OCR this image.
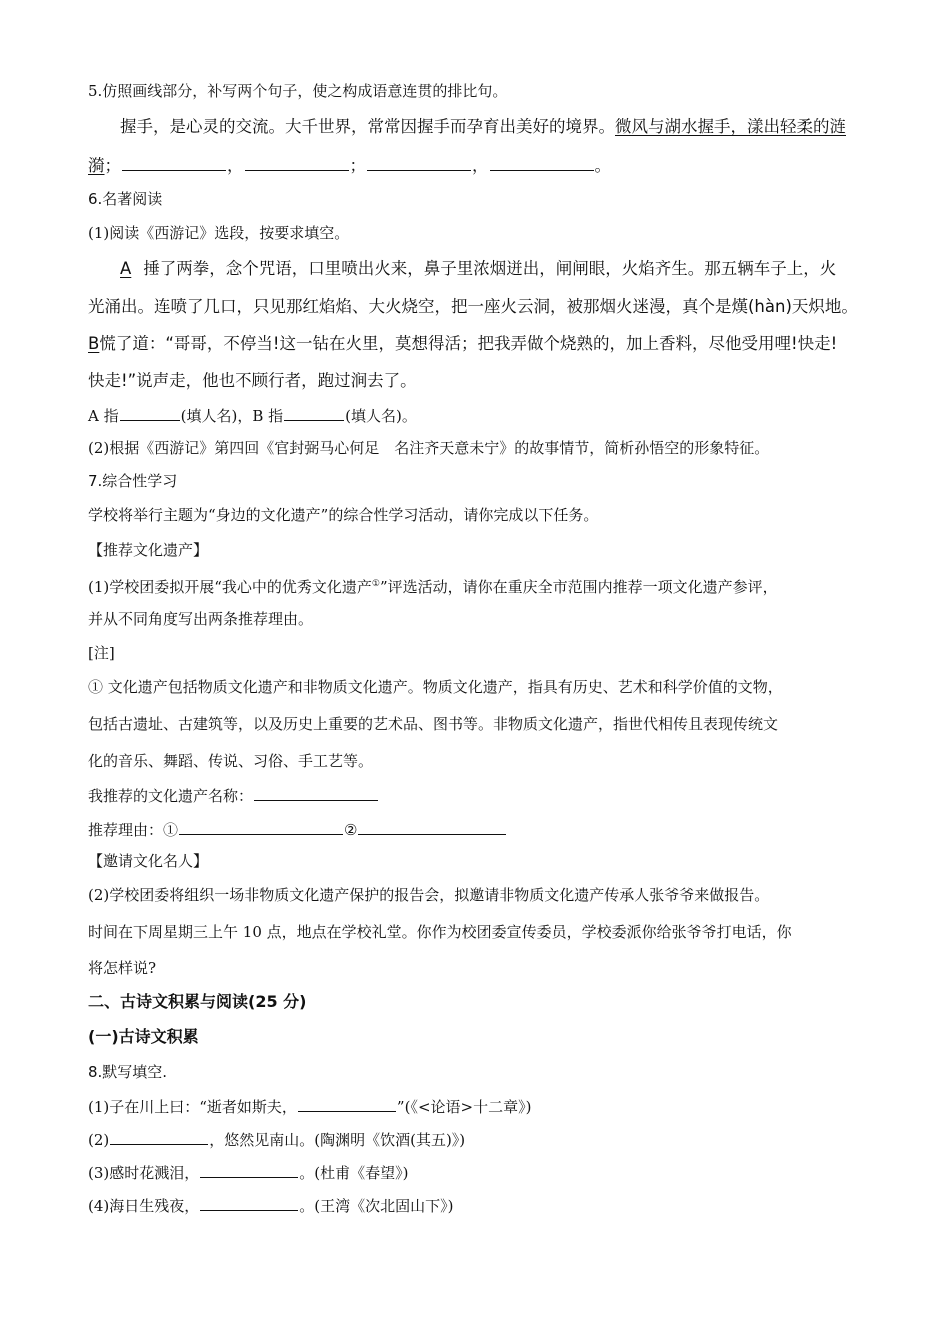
5.仿照画线部分，补写两个句子，使之构成语意连贯的排比句。
握手，是心灵的交流。大千世界，常常因握手而孕育出美好的境界。微风与湖水握手，漾出轻柔的涟
漪；	，	；	，	。
6.名著阅读
(1)阅读《西游记》选段，按要求填空。
A 捶了两拳，念个咒语，口里喷出火来，鼻子里浓烟迸出，闸闸眼，火焰齐生。那五辆车子上，火
光涌出。连喷了几口，只见那红焰焰、大火烧空，把一座火云洞，被那烟火迷漫，真个是熯(hàn)天炽地。
B慌了道：“哥哥，不停当!这一钻在火里，莫想得活；把我弄做个烧熟的，加上香料，尽他受用哩!快走!
快走!”说声走，他也不顾行者，跑过涧去了。
A 指	(填人名)，B 指	(填人名)。
(2)根据《西游记》第四回《官封弼马心何足　名注齐天意未宁》的故事情节，简析孙悟空的形象特征。
7.综合性学习
学校将举行主题为“身边的文化遗产”的综合性学习活动，请你完成以下任务。
【推荐文化遗产】
(1)学校团委拟开展“我心中的优秀文化遗产①”评选活动，请你在重庆全市范围内推荐一项文化遗产参评，
并从不同角度写出两条推荐理由。
[注]
① 文化遗产包括物质文化遗产和非物质文化遗产。物质文化遗产，指具有历史、艺术和科学价值的文物，
包括古遗址、古建筑等，以及历史上重要的艺术品、图书等。非物质文化遗产，指世代相传且表现传统文
化的音乐、舞蹈、传说、习俗、手工艺等。
我推荐的文化遗产名称：
推荐理由：①	②
【邀请文化名人】
(2)学校团委将组织一场非物质文化遗产保护的报告会，拟邀请非物质文化遗产传承人张爷爷来做报告。
时间在下周星期三上午 10 点，地点在学校礼堂。你作为校团委宣传委员，学校委派你给张爷爷打电话，你
将怎样说?
二、古诗文积累与阅读(25 分)
(一)古诗文积累
8.默写填空.
(1)子在川上曰：“逝者如斯夫，	”(《<论语>十二章》)
(2)	，悠然见南山。(陶渊明《饮酒(其五)》)
(3)感时花溅泪，	。(杜甫《春望》)
(4)海日生残夜，	。(王湾《次北固山下》)
